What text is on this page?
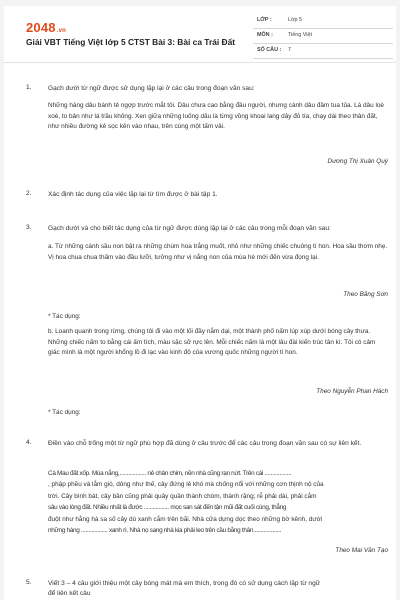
2048.vn
Giải VBT Tiếng Việt lớp 5 CTST Bài 3: Bài ca Trái Đất
LỚP :	Lớp 5
MÔN :	Tiếng Việt
SỐ CÂU : 7
1.	Gạch dưới từ ngữ được sử dụng lặp lại ở các câu trong đoạn văn sau:
Những hàng dâu bánh tẻ ngợp trước mắt tôi. Dâu chưa cao bằng đầu người, nhưng cành dâu đâm tua tủa. Lá dâu loè xoè, to bản như lá trầu không. Xen giữa những luống dâu là từng vồng khoai lang dây đỏ tía, chạy dài theo thân đất, như nhiều đường kẻ sọc kẻn vào nhau, trên cùng một tấm vải.
Dương Thị Xuân Quý
2.	Xác định tác dụng của việc lặp lại từ tìm được ở bài tập 1.
3.	Gạch dưới và cho biết tác dụng của từ ngữ được dùng lặp lại ở các câu trong mỗi đoạn văn sau:
a. Từ những cánh sầu non bật ra những chùm hoa trắng muốt, nhỏ như những chiếc chuông tí hon. Hoa sầu thơm nhẹ. Vị hoa chua chua thấm vào đầu lưỡi, tưởng như vị nắng non của mùa hè mới đến vừa đọng lại.
Theo Băng Sơn
* Tác dụng:
b. Loanh quanh trong rừng, chúng tôi đi vào một lối đầy nắm dại, một thành phố nấm lúp xúp dưới bóng cây thưa. Những chiếc nấm to bằng cái ấm tích, màu sặc sỡ rực lên. Mỗi chiếc nấm là một lâu đài kiến trúc tân kì. Tôi có cảm giác mình là một người khổng lồ đi lạc vào kinh đô của vương quốc những người tí hon.
Theo Nguyễn Phan Hách
* Tác dụng:
4.	Điền vào chỗ trống một từ ngữ phù hợp đã dùng ở câu trước để các câu trong đoạn văn sau có sự liên kết.
Cà Mau đất xốp. Mùa nắng,.................. nẻ chân chim, nền nhà cũng rạn nứt. Trên cái ..................
, phập phều và lắm gió, dông như thế, cây đứng lẻ khó mà chống nổi với những cơn thịnh nộ của
trời. Cây bình bát, cây bần cũng phải quây quần thành chòm, thành rặng; rễ phải dài, phải cắm
sâu vào lòng đất. Nhiều nhất là đước ................. mọc san sát đến tận mũi đất cuối cùng, thẳng
đuột như hằng hà sa số cây dù xanh cắm trên bãi. Nhà cửa dựng dọc theo những bờ kênh, dưới
những hàng .................. xanh rì. Nhà nọ sang nhà kia phải leo trên cầu bằng thân...................
Theo Mai Văn Tạo
5.	Viết 3 – 4 câu giới thiệu một cây bóng mát mà em thích, trong đó có sử dụng cách lặp từ ngữ
để liên kết câu
